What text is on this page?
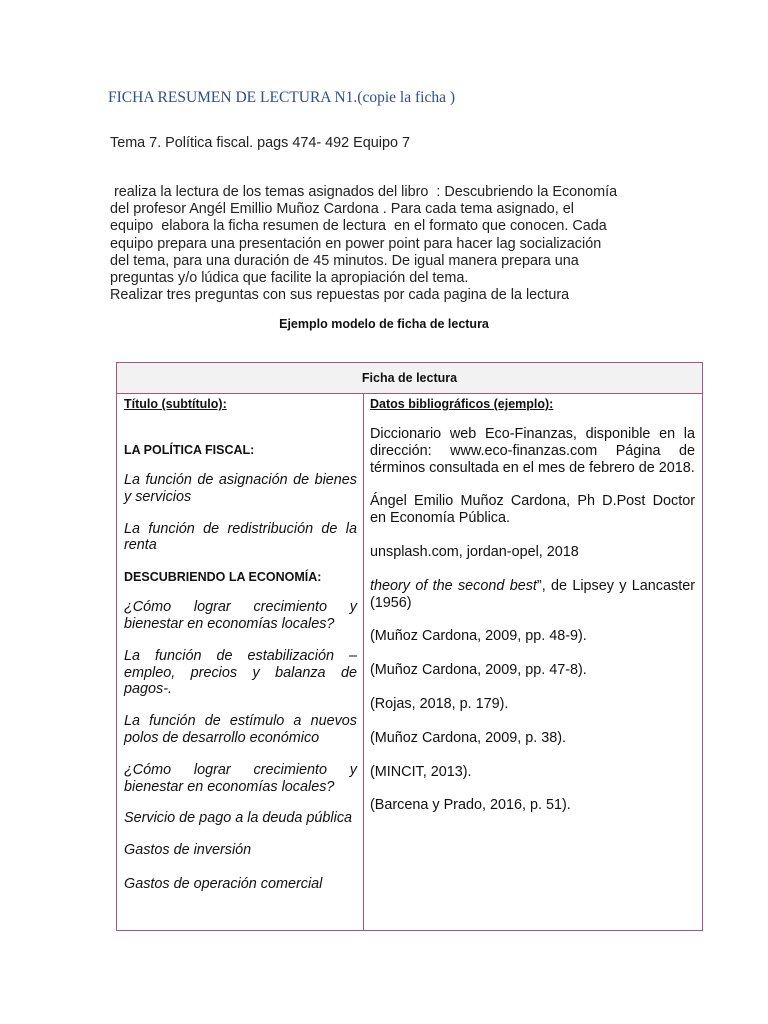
FICHA RESUMEN DE LECTURA N1.(copie la ficha )
Tema 7. Política fiscal. pags 474- 492 Equipo 7
realiza la lectura de los temas asignados del libro  : Descubriendo la Economía
del profesor Angél Emillio Muñoz Cardona . Para cada tema asignado, el
equipo  elabora la ficha resumen de lectura  en el formato que conocen. Cada
equipo prepara una presentación en power point para hacer lag socialización
del tema, para una duración de 45 minutos. De igual manera prepara una
preguntas y/o lúdica que facilite la apropiación del tema.
Realizar tres preguntas con sus repuestas por cada pagina de la lectura
Ejemplo modelo de ficha de lectura
Ficha de lectura
Título (subtítulo):
LA POLÍTICA FISCAL:
La función de asignación de bienes y servicios
La función de redistribución de la renta
DESCUBRIENDO LA ECONOMÍA:
¿Cómo lograr crecimiento y bienestar en economías locales?
La función de estabilización – empleo, precios y balanza de pagos-.
La función de estímulo a nuevos polos de desarrollo económico
¿Cómo lograr crecimiento y bienestar en economías locales?
Servicio de pago a la deuda pública
Gastos de inversión
Gastos de operación comercial
Datos bibliográficos (ejemplo):
Diccionario web Eco-Finanzas, disponible en la dirección: www.eco-finanzas.com Página de términos consultada en el mes de febrero de 2018.
Ángel Emilio Muñoz Cardona, Ph D.Post Doctor en Economía Pública.
unsplash.com, jordan-opel, 2018
theory of the second best”, de Lipsey y Lancaster (1956)
(Muñoz Cardona, 2009, pp. 48-9).
(Muñoz Cardona, 2009, pp. 47-8).
(Rojas, 2018, p. 179).
(Muñoz Cardona, 2009, p. 38).
(MINCIT, 2013).
(Barcena y Prado, 2016, p. 51).
